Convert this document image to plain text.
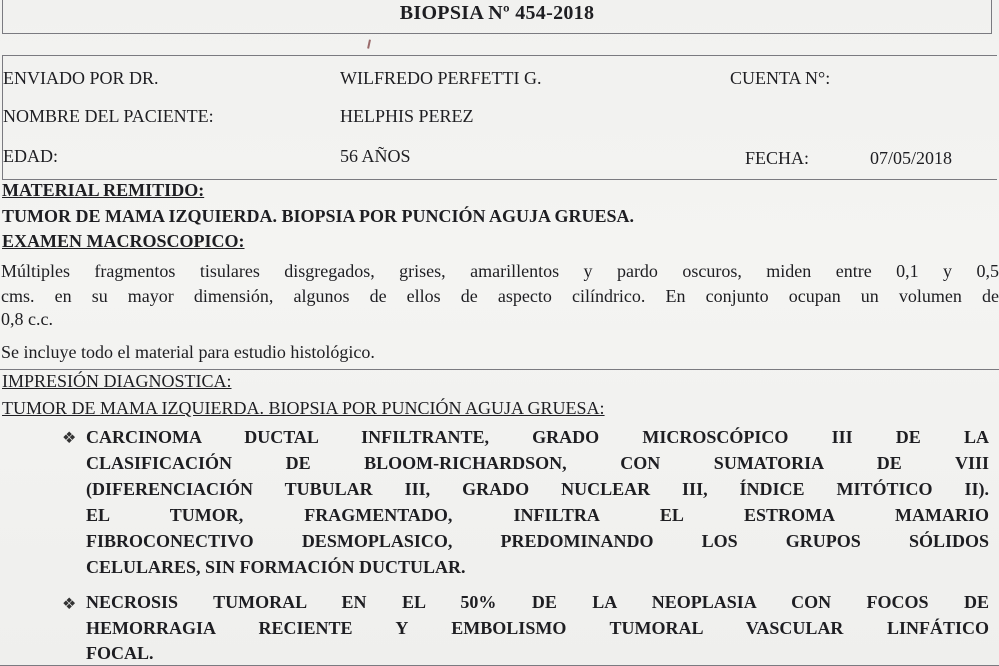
BIOPSIA Nº 454-2018
ENVIADO POR DR.	WILFREDO PERFETTI G.	CUENTA N°:
NOMBRE DEL PACIENTE:	HELPHIS PEREZ
EDAD:	56 AÑOS	FECHA:	07/05/2018
MATERIAL REMITIDO:
TUMOR DE MAMA IZQUIERDA. BIOPSIA POR PUNCIÓN AGUJA GRUESA.
EXAMEN MACROSCOPICO:
Múltiples fragmentos tisulares disgregados, grises, amarillentos y pardo oscuros, miden entre 0,1 y 0,5
cms. en su mayor dimensión, algunos de ellos de aspecto cilíndrico. En conjunto ocupan un volumen de
0,8 c.c.
Se incluye todo el material para estudio histológico.
IMPRESIÓN DIAGNOSTICA:
TUMOR DE MAMA IZQUIERDA. BIOPSIA POR PUNCIÓN AGUJA GRUESA:
❖ CARCINOMA DUCTAL INFILTRANTE, GRADO MICROSCÓPICO III DE LA
CLASIFICACIÓN DE BLOOM-RICHARDSON, CON SUMATORIA DE VIII
(DIFERENCIACIÓN TUBULAR III, GRADO NUCLEAR III, ÍNDICE MITÓTICO II).
EL TUMOR, FRAGMENTADO, INFILTRA EL ESTROMA MAMARIO
FIBROCONECTIVO DESMOPLASICO, PREDOMINANDO LOS GRUPOS SÓLIDOS
CELULARES, SIN FORMACIÓN DUCTULAR.
❖ NECROSIS TUMORAL EN EL 50% DE LA NEOPLASIA CON FOCOS DE
HEMORRAGIA RECIENTE Y EMBOLISMO TUMORAL VASCULAR LINFÁTICO
FOCAL.
